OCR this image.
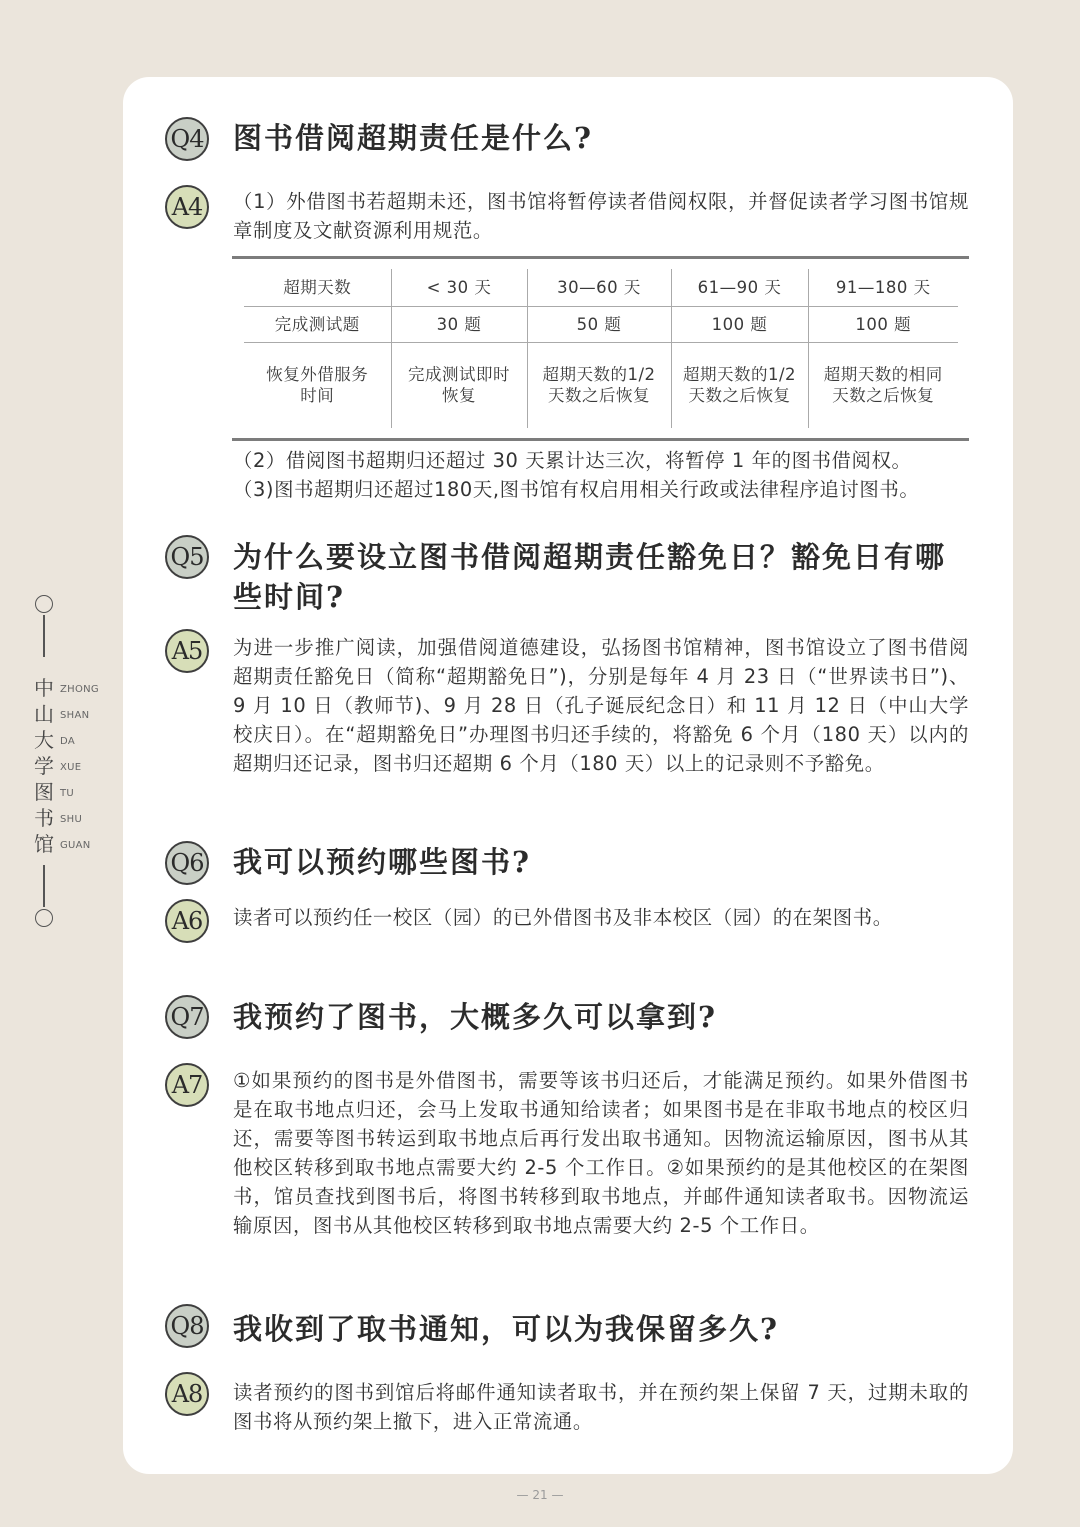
中
山
大
学
图
书
馆
ZHONG
SHAN
DA
XUE
TU
SHU
GUAN
Q4 图书借阅超期责任是什么?
A4	（1）外借图书若超期未还，图书馆将暂停读者借阅权限，并督促读者学习图书馆规章制度及文献资源利用规范。

超期天数	< 30 天	30—60 天	61—90 天	91—180 天
完成测试题	30 题	50 题	100 题	100 题
恢复外借服务时间	完成测试即时恢复	超期天数的1/2天数之后恢复	超期天数的1/2天数之后恢复	超期天数的相同天数之后恢复

（2）借阅图书超期归还超过 30 天累计达三次，将暂停 1 年的图书借阅权。

（3)图书超期归还超过180天,图书馆有权启用相关行政或法律程序追讨图书。

Q5 为什么要设立图书借阅超期责任豁免日？豁免日有哪些时间?
A5	为进一步推广阅读，加强借阅道德建设，弘扬图书馆精神，图书馆设立了图书借阅超期责任豁免日（简称“超期豁免日”)，分别是每年 4 月 23 日（“世界读书日”)、9 月 10 日（教师节)、9 月 28 日（孔子诞辰纪念日）和 11 月 12 日（中山大学校庆日）。在“超期豁免日”办理图书归还手续的，将豁免 6 个月（180 天）以内的超期归还记录，图书归还超期 6 个月（180 天）以上的记录则不予豁免。

Q6 我可以预约哪些图书?
A6	读者可以预约任一校区（园）的已外借图书及非本校区（园）的在架图书。

Q7 我预约了图书，大概多久可以拿到?
A7	①如果预约的图书是外借图书，需要等该书归还后，才能满足预约。如果外借图书是在取书地点归还，会马上发取书通知给读者；如果图书是在非取书地点的校区归还，需要等图书转运到取书地点后再行发出取书通知。因物流运输原因，图书从其他校区转移到取书地点需要大约 2-5 个工作日。②如果预约的是其他校区的在架图书，馆员查找到图书后，将图书转移到取书地点，并邮件通知读者取书。因物流运输原因，图书从其他校区转移到取书地点需要大约 2-5 个工作日。

Q8 我收到了取书通知，可以为我保留多久?
A8	读者预约的图书到馆后将邮件通知读者取书，并在预约架上保留 7 天，过期未取的图书将从预约架上撤下，进入正常流通。

— 21 —
